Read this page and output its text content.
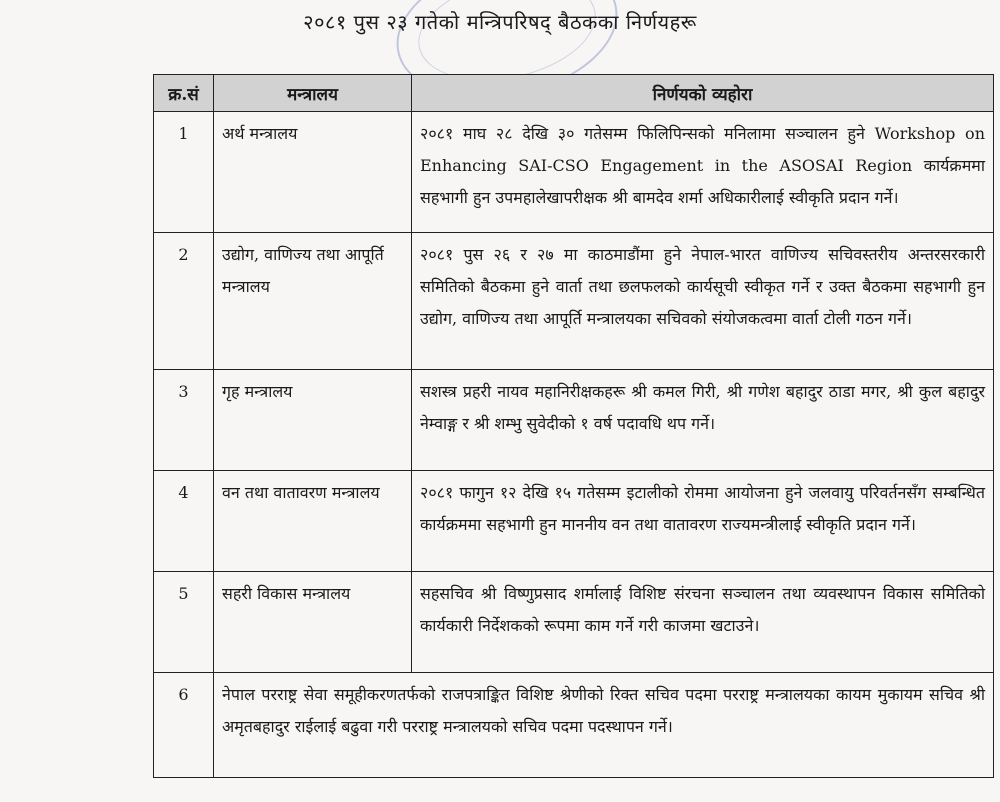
२०८१ पुस २३ गतेको मन्त्रिपरिषद् बैठकका निर्णयहरू
क्र.सं	मन्त्रालय	निर्णयको व्यहोरा
1	अर्थ मन्त्रालय	२०८१ माघ २८ देखि ३० गतेसम्म फिलिपिन्सको मनिलामा सञ्चालन हुने Workshop on Enhancing SAI-CSO Engagement in the ASOSAI Region कार्यक्रममा सहभागी हुन उपमहालेखापरीक्षक श्री बामदेव शर्मा अधिकारीलाई स्वीकृति प्रदान गर्ने।
2	उद्योग, वाणिज्य तथा आपूर्ति मन्त्रालय	२०८१ पुस २६ र २७ मा काठमाडौंमा हुने नेपाल-भारत वाणिज्य सचिवस्तरीय अन्तरसरकारी समितिको बैठकमा हुने वार्ता तथा छलफलको कार्यसूची स्वीकृत गर्ने र उक्त बैठकमा सहभागी हुन उद्योग, वाणिज्य तथा आपूर्ति मन्त्रालयका सचिवको संयोजकत्वमा वार्ता टोली गठन गर्ने।
3	गृह मन्त्रालय	सशस्त्र प्रहरी नायव महानिरीक्षकहरू श्री कमल गिरी, श्री गणेश बहादुर ठाडा मगर, श्री कुल बहादुर नेम्वाङ्ग र श्री शम्भु सुवेदीको १ वर्ष पदावधि थप गर्ने।
4	वन तथा वातावरण मन्त्रालय	२०८१ फागुन १२ देखि १५ गतेसम्म इटालीको रोममा आयोजना हुने जलवायु परिवर्तनसँग सम्बन्धित कार्यक्रममा सहभागी हुन माननीय वन तथा वातावरण राज्यमन्त्रीलाई स्वीकृति प्रदान गर्ने।
5	सहरी विकास मन्त्रालय	सहसचिव श्री विष्णुप्रसाद शर्मालाई विशिष्ट संरचना सञ्चालन तथा व्यवस्थापन विकास समितिको कार्यकारी निर्देशकको रूपमा काम गर्ने गरी काजमा खटाउने।
6	नेपाल परराष्ट्र सेवा समूहीकरणतर्फको राजपत्राङ्कित विशिष्ट श्रेणीको रिक्त सचिव पदमा परराष्ट्र मन्त्रालयका कायम मुकायम सचिव श्री अमृतबहादुर राईलाई बढुवा गरी परराष्ट्र मन्त्रालयको सचिव पदमा पदस्थापन गर्ने।	
